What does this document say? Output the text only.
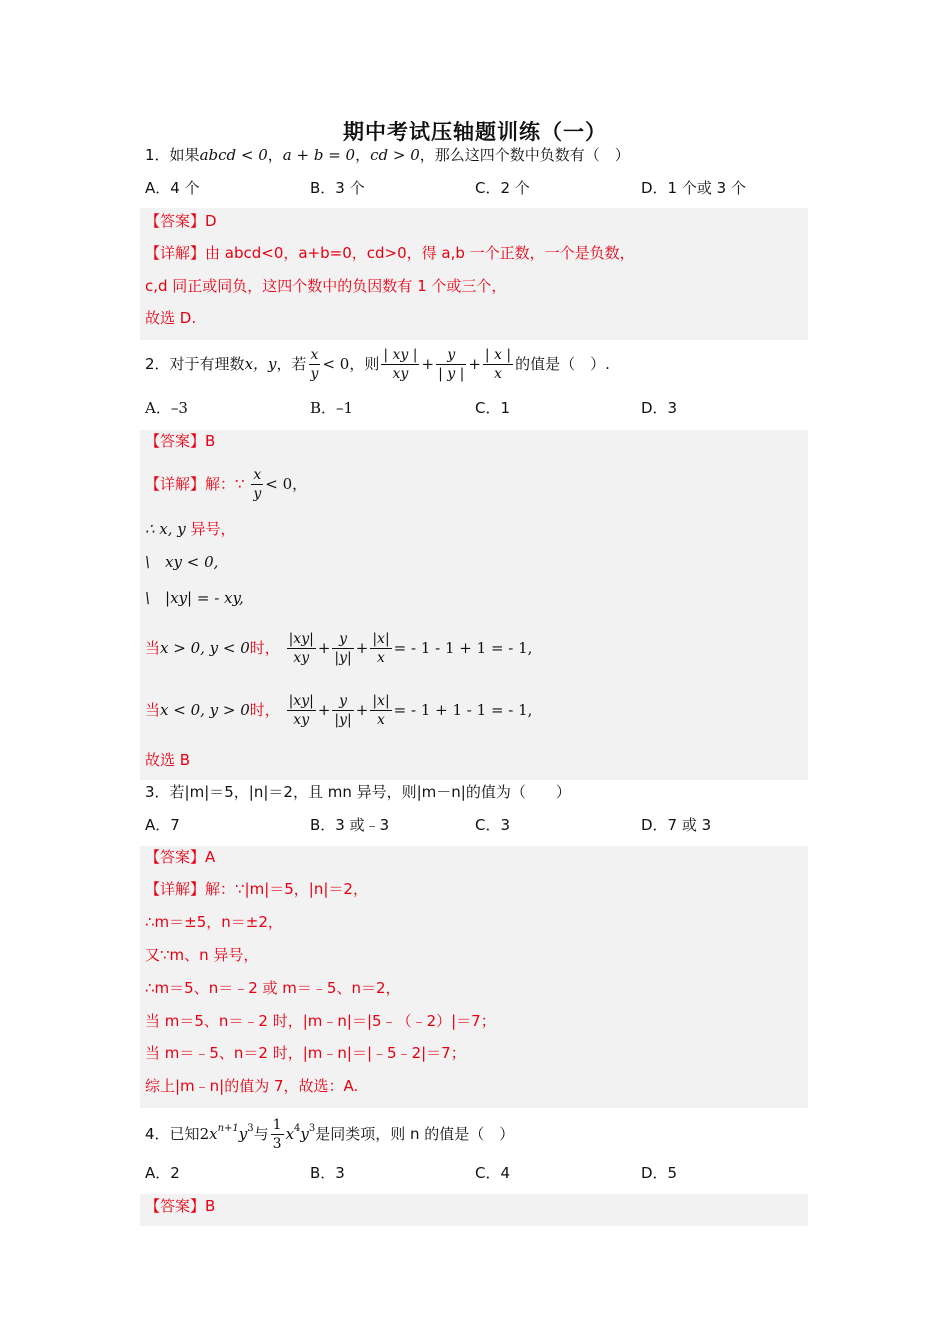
期中考试压轴题训练（一）
1．如果abcd < 0，a + b = 0，cd > 0，那么这四个数中负数有（　）
A．4 个	B．3 个	C．2 个	D．1 个或 3 个
【答案】D
【详解】由 abcd<0，a+b=0，cd>0，得 a,b 一个正数，一个是负数，
c,d 同正或同负，这四个数中的负因数有 1 个或三个，
故选 D.
2．对于有理数x，y，若 $\frac{x}{y} < 0$，则 $\frac{| xy |}{xy} + \frac{y}{| y |} + \frac{| x |}{x}$ 的值是（　）.
A．–3	B．–1	C．1	D．3
【答案】B
【详解】解：∵ $\frac{x}{y} < 0$，
∴ x, y 异号，
\　xy < 0,
\　|xy| = - xy,
当x > 0, y < 0时， $\frac{|xy|}{xy} + \frac{y}{|y|} + \frac{|x|}{x}$ = - 1 - 1 + 1 = - 1,
当x < 0, y > 0时， $\frac{|xy|}{xy} + \frac{y}{|y|} + \frac{|x|}{x}$ = - 1 + 1 - 1 = - 1,
故选 B
3．若|m|＝5，|n|＝2，且 mn 异号，则|m－n|的值为（　　）
A．7	B．3 或﹣3	C．3	D．7 或 3
【答案】A
【详解】解：∵|m|＝5，|n|＝2，
∴m＝±5，n＝±2，
又∵m、n 异号，
∴m＝5、n＝﹣2 或 m＝﹣5、n＝2，
当 m＝5、n＝﹣2 时，|m﹣n|＝|5﹣（﹣2）|＝7；
当 m＝﹣5、n＝2 时，|m﹣n|＝|﹣5﹣2|＝7；
综上|m﹣n|的值为 7，故选：A.
4．已知$2x^{n+1}y^3$与 $\frac{1}{3} x^4y^3$是同类项，则 n 的值是（　）
A．2	B．3	C．4	D．5
【答案】B
